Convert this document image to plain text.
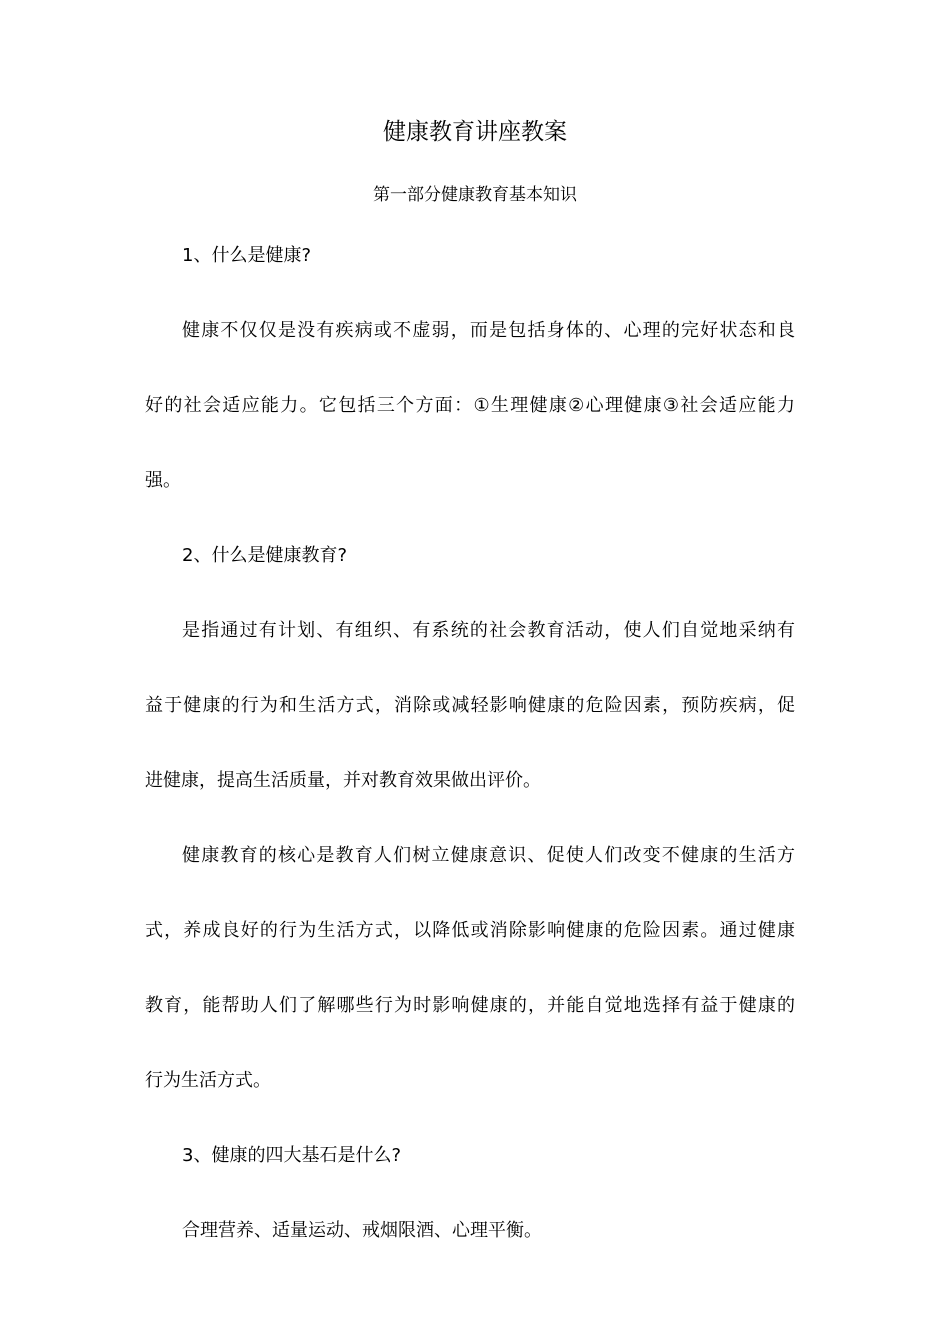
健康教育讲座教案
第一部分健康教育基本知识
1、什么是健康?
健康不仅仅是没有疾病或不虚弱，而是包括身体的、心理的完好状态和良
好的社会适应能力。它包括三个方面：①生理健康②心理健康③社会适应能力
强。
2、什么是健康教育?
是指通过有计划、有组织、有系统的社会教育活动，使人们自觉地采纳有
益于健康的行为和生活方式，消除或减轻影响健康的危险因素，预防疾病，促
进健康，提高生活质量，并对教育效果做出评价。
健康教育的核心是教育人们树立健康意识、促使人们改变不健康的生活方
式，养成良好的行为生活方式，以降低或消除影响健康的危险因素。通过健康
教育，能帮助人们了解哪些行为时影响健康的，并能自觉地选择有益于健康的
行为生活方式。
3、健康的四大基石是什么?
合理营养、适量运动、戒烟限酒、心理平衡。
